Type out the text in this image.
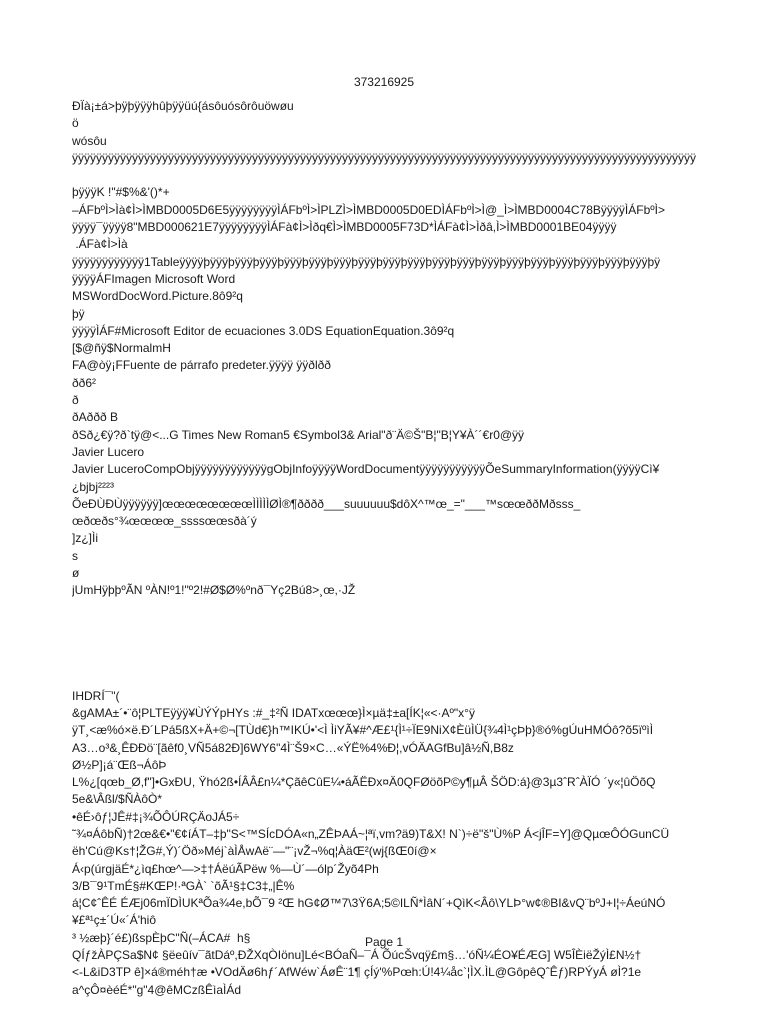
373216925
ÐÏà¡±á>þÿþÿÿÿhûþÿÿüú{ásôuósôrôuöwøu
ö
wósôu
ÿÿÿÿÿÿÿÿÿÿÿÿÿÿÿÿÿÿÿÿÿÿÿÿÿÿÿÿÿÿÿÿÿÿÿÿÿÿÿÿÿÿÿÿÿÿÿÿÿÿÿÿÿÿÿÿÿÿÿÿÿÿÿÿÿÿÿÿÿÿÿÿÿÿÿÿÿÿÿÿÿÿÿÿÿÿÿÿÿÿÿÿÿÿÿÿÿÿÿÿÿÿÿÿ
þÿÿÿK !"#$%&'()*+
–ÁFbºÌ>Ìà¢Ì>ÌMBD0005D6E5ÿÿÿÿÿÿÿÿÌÁFbºÌ>ÌPLZÌ>ÌMBD0005D0EDÌÁFbºÌ>Ì@_Ì>ÌMBD0004C78BÿÿÿÿÌÁFbºÌ>
ÿÿÿÿ¯ÿÿÿÿ8"MBD000621E7ÿÿÿÿÿÿÿÿÌÁFà¢Ì>Ìðq€Ì>ÌMBD0005F73D*ÌÁFà¢Ì>Ìðâ,Ì>ÌMBD0001BE04ÿÿÿÿ
.ÁFà¢Ì>Ìà
ÿÿÿÿÿÿÿÿÿÿÿÿ1Tableÿÿÿÿþÿÿÿþÿÿÿþÿÿÿþÿÿÿþÿÿÿþÿÿÿþÿÿÿþÿÿÿþÿÿÿþÿÿÿþÿÿÿþÿÿÿþÿÿÿþÿÿÿþÿÿÿþÿÿÿþÿÿÿþÿÿÿþÿ
ÿÿÿÿÁFImagen Microsoft Word
MSWordDocWord.Picture.8ô9²q
þÿ
ÿÿÿÿÌÁF#Microsoft Editor de ecuaciones 3.0DS EquationEquation.3ô9²q
[$@ñÿ$NormalmH
FA@òÿ¡FFuente de párrafo predeter.ÿÿÿÿ ÿÿðlðð
ðð6²
ð
ðAððð B
ðSð¿€ÿ?ð`tÿ@<...G Times New Roman5 €Symbol3& Arial"ð¨Ä©Š"B¦"B¦Y¥À´´€r0@ÿÿ
Javier Lucero
Javier LuceroCompObjÿÿÿÿÿÿÿÿÿÿÿÿgObjInfoÿÿÿÿWordDocumentÿÿÿÿÿÿÿÿÿÿÿÕeSummaryInformation(ÿÿÿÿCì¥
¿bjbj²²²³
ÕeÐÙÐÙÿÿÿÿÿÿ]œœœœœœœœÌÌÌÌÌØÌ®¶ðððð___suuuuuu$dôX^™œ_="___™sœœððMðsss_
œðœðs°¾œœœœ_ssssœœsðà´ý
]z¿]Ìi
s
ø
jUmHÿþþºÃN ºÀN!º1!"º2!#Ø$Ø%ºnð¯Yç2Bú8>¸œ,·JŽ
IHDRÍ¯"(
&gAMA±´•¨ô¦PLTEÿÿÿ¥ÙÝÝpHYs :#_‡²Ñ IDATxœœœ}Ì×µä‡±a[ÍK¦«<·Aº"x°ÿ
ÿT¸<æ%ó×ë.Ð´LPá5ßX+Ä+©¬[TÙd€}h™IKÚ•'<Ì ÌiYÃ¥#^Æ£¹{Ì¹÷ÏE9NiX¢ÈüÌÜ{¾4Ì¹çÞþ}®ó%gÚuHMÓô?õ5ïºìÌ
A3…o³&¸ÊÐÐö¨[ãêf0¸VÑ5á82Ð]6WY6"4Ì¨Š9×C…«ÝË%4%Ð¦,vÓÄAGfBu]â½Ñ,B8z
Ø½P]¡á¨Œß¬ÁôÞ
L%¿[qœb_Ø,f"]•GxÐU, Ÿhó2ß•ÍÂÂ£n¼*ÇãêCûE¼•áÃËÐx¤Ä0QFØöõP©y¶µÂ ŠÖD:á}@3µ3ˆRˆÀÏÓ ´y«¦ûÖõQ
5e&\Âßl/$ÑÀôÒ*
•êÉ›ôƒ¦JÊ#‡¡¾ÕÔÚRÇÄoJÁ5÷
˜¾¤ÁôbÑ)†2œ&€•"€¢íÁT–‡þ"S<™SÍcDÓA«n„ZÊÞAÁ~¦ªï,vm?ä9)T&X! N`)÷ë"š"Ù%P Á<jÎF=Y]@QµœÔÓGunCÜ
ëh'Cú@Ks†¦ŽG#,Ý)´Öð»Méj`àÌÅwAë¨—"¨¡vŽ¬%q¦ÀäŒ²(wj{ßŒ0í@×
Á‹p(úrgjäÉ*¿ìq£hœ^—>‡†ÁëúÃPëw %—Ù´—ólp´Žyõ4Ph
3/B¯9¹TmÉ§#KŒP!·ªGÀ` `õÃ¹§‡C3‡„|Ê%
á¦C¢ˆÊÉ ÉÆj06mÏDÌUKªÕa¾4e,bÕ¯9 ²Œ hG¢Ø™7\3Ÿ6A;5©ILÑ*ÌâN´+QìK<Âô\YLÞ°w¢®BI&vQ¨bºJ+I¦÷ÁeúNÓ
¥£ª¹ç±´Ú«´Á'hiô
³ ½æþ}´é£)ßspÈþC"Ñ(–ÁCA#  h§
QÍƒžÀPÇSa$N¢ §ëeûív¯ãtDáº,ÐŽXqÒIönu]Lé<BÓaÑ–¯Á ÕúcŠvqÿ£m§…'óÑ¼ÉO¥ÉÆG] W5ÎÈiëŽýÌ£N½†
<-L&iD3TP ê]×á®méh†æ •VOdÄø6hƒ´AfWéw`ÁøÊ¨1¶ çÍý'%Pœh:Ú!4¼åc`¦ÌX.ÌL@GôpêQˆÊƒ)RPÝyÁ øÌ?1e
a^çÔ¤èéÉ*"g"4@êMCzßÊìaÌÁd
Page 1
